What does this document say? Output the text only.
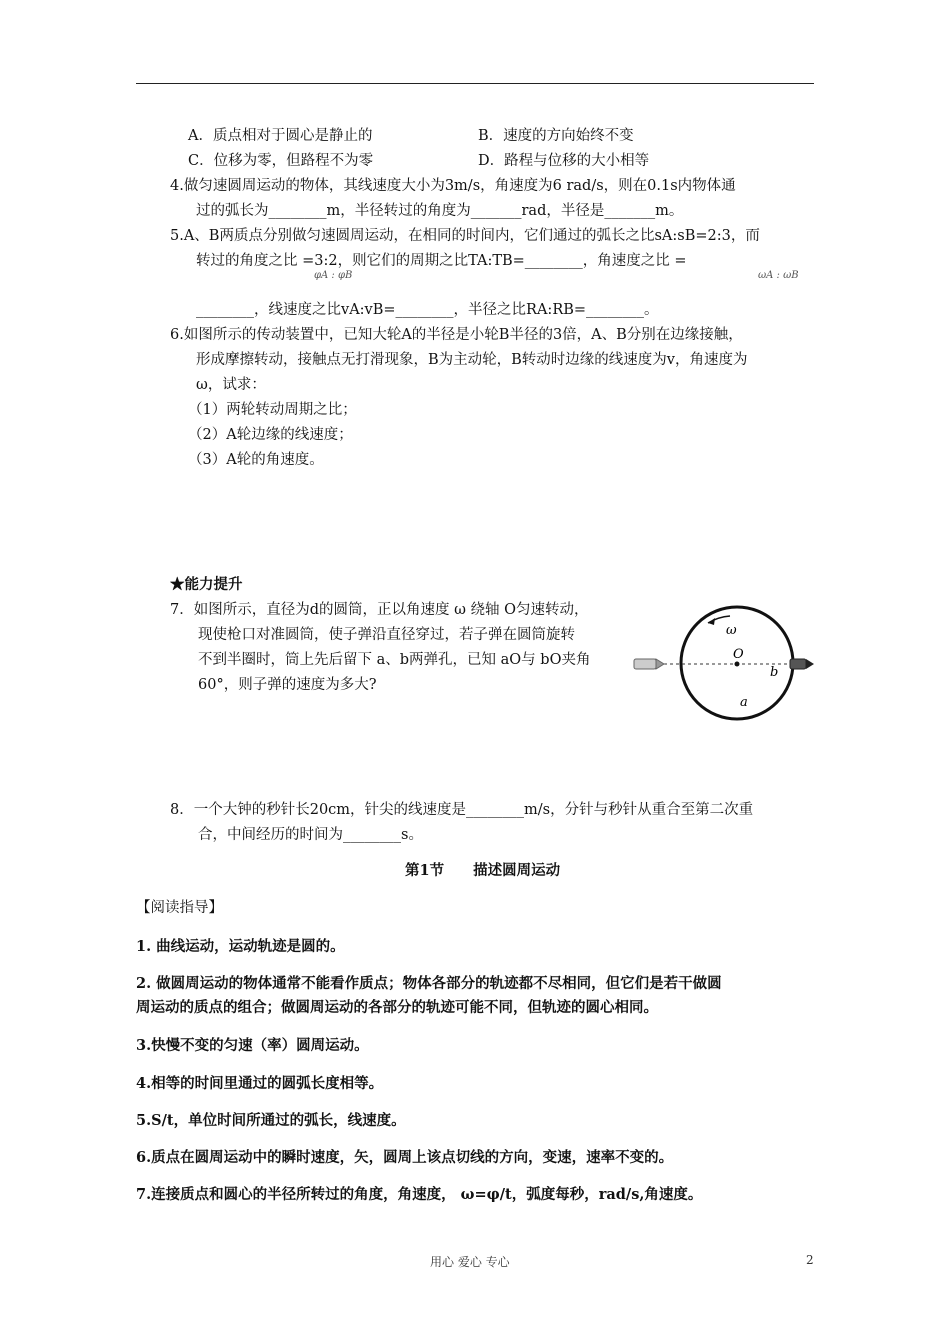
A．质点相对于圆心是静止的	B．速度的方向始终不变
C．位移为零，但路程不为零	D．路程与位移的大小相等
4.做匀速圆周运动的物体，其线速度大小为3m/s，角速度为6 rad/s，则在0.1s内物体通
过的弧长为________m，半径转过的角度为_______rad，半径是_______m。
5.A、B两质点分别做匀速圆周运动，在相同的时间内，它们通过的弧长之比sA:sB=2:3，而
转过的角度之比 =3:2，则它们的周期之比TA:TB=________，角速度之比 =
φA : φB	ωA : ωB
________，线速度之比vA:vB=________，半径之比RA:RB=________。
6.如图所示的传动装置中，已知大轮A的半径是小轮B半径的3倍，A、B分别在边缘接触，
形成摩擦转动，接触点无打滑现象，B为主动轮，B转动时边缘的线速度为v，角速度为
ω，试求：
（1）两轮转动周期之比；
（2）A轮边缘的线速度；
（3）A轮的角速度。
★能力提升
7．如图所示，直径为d的圆筒，正以角速度 ω 绕轴 O匀速转动，
现使枪口对准圆筒，使子弹沿直径穿过，若子弹在圆筒旋转
不到半圈时，筒上先后留下 a、b两弹孔，已知 aO与 bO夹角
60°，则子弹的速度为多大?
ω
O
b
a
8．一个大钟的秒针长20cm，针尖的线速度是________m/s，分针与秒针从重合至第二次重
合，中间经历的时间为________s。
第1节　　描述圆周运动
【阅读指导】
1. 曲线运动，运动轨迹是圆的。
2. 做圆周运动的物体通常不能看作质点；物体各部分的轨迹都不尽相同，但它们是若干做圆
周运动的质点的组合；做圆周运动的各部分的轨迹可能不同，但轨迹的圆心相同。
3.快慢不变的匀速（率）圆周运动。
4.相等的时间里通过的圆弧长度相等。
5.S/t，单位时间所通过的弧长，线速度。
6.质点在圆周运动中的瞬时速度，矢，圆周上该点切线的方向，变速，速率不变的。
7.连接质点和圆心的半径所转过的角度，角速度， ω=φ/t，弧度每秒，rad/s,角速度。
用心 爱心 专心	2
